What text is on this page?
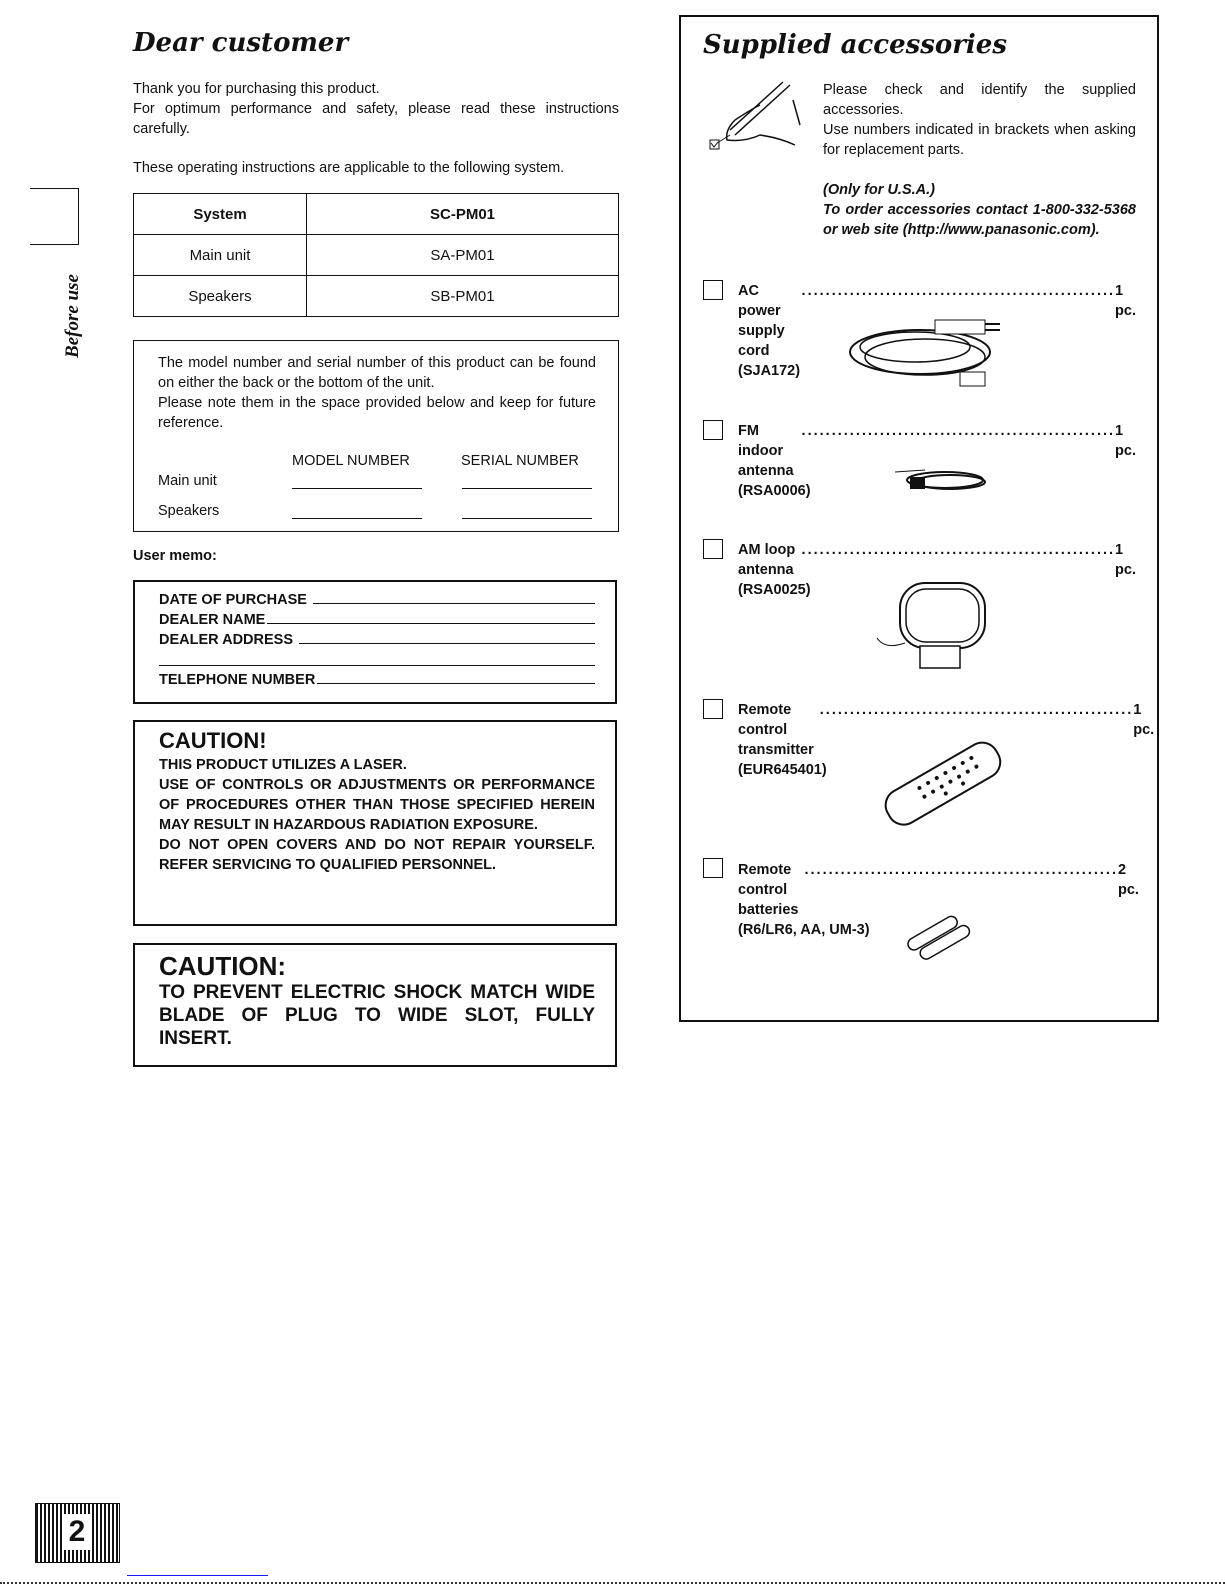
Dear customer
Thank you for purchasing this product.
For optimum performance and safety, please read these instructions carefully.
These operating instructions are applicable to the following system.
System	SC-PM01
Main unit	SA-PM01
Speakers	SB-PM01
The model number and serial number of this product can be found on either the back or the bottom of the unit.
Please note them in the space provided below and keep for future reference.
MODEL NUMBER	SERIAL NUMBER
Main unit
Speakers
User memo:
DATE OF PURCHASE
DEALER NAME
DEALER ADDRESS
TELEPHONE NUMBER
CAUTION!
THIS PRODUCT UTILIZES A LASER.
USE OF CONTROLS OR ADJUSTMENTS OR PERFORMANCE OF PROCEDURES OTHER THAN THOSE SPECIFIED HEREIN MAY RESULT IN HAZARDOUS RADIATION EXPOSURE.
DO NOT OPEN COVERS AND DO NOT REPAIR YOURSELF. REFER SERVICING TO QUALIFIED PERSONNEL.
CAUTION:
TO PREVENT ELECTRIC SHOCK MATCH WIDE BLADE OF PLUG TO WIDE SLOT, FULLY INSERT.
Before use
Supplied accessories
Please check and identify the supplied accessories.
Use numbers indicated in brackets when asking for replacement parts.
(Only for U.S.A.)
To order accessories contact 1-800-332-5368 or web site (http://www.panasonic.com).
AC power supply cord
.................................................... 1 pc.
(SJA172)
FM indoor antenna
.................................................... 1 pc.
(RSA0006)
AM loop antenna
.................................................... 1 pc.
(RSA0025)
Remote control transmitter
.................................................... 1 pc.
(EUR645401)
Remote control batteries
.................................................... 2 pc.
(R6/LR6, AA, UM-3)
2
